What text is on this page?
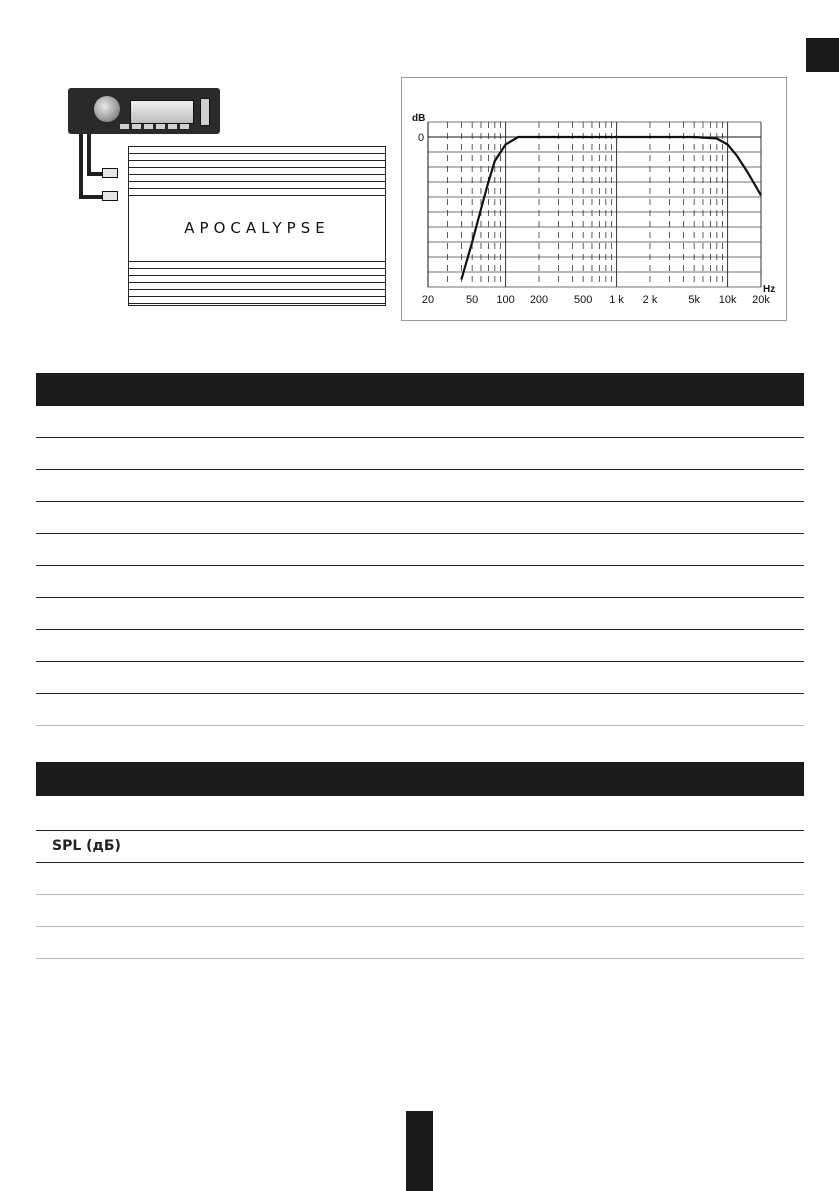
APOCALYPSE
0
20	50 100 200 500 1 k 2 k	5k 10k 20k
dB
Hz
SPL (дБ)
